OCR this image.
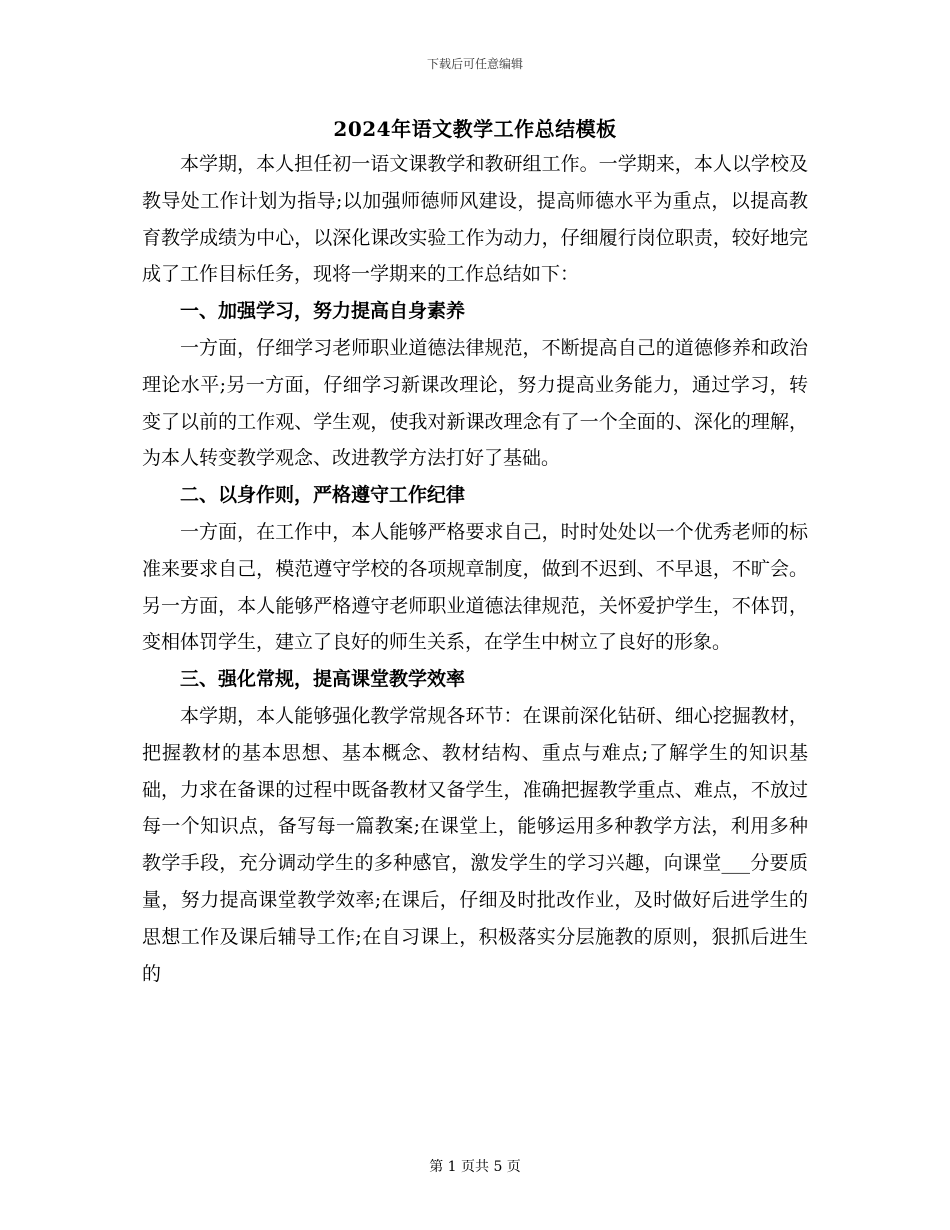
下载后可任意编辑
2024年语文教学工作总结模板

本学期，本人担任初一语文课教学和教研组工作。一学期来，本人以学校及教导处工作计划为指导;以加强师德师风建设，提高师德水平为重点，以提高教育教学成绩为中心，以深化课改实验工作为动力，仔细履行岗位职责，较好地完成了工作目标任务，现将一学期来的工作总结如下：

一、加强学习，努力提高自身素养

一方面，仔细学习老师职业道德法律规范，不断提高自己的道德修养和政治理论水平;另一方面，仔细学习新课改理论，努力提高业务能力，通过学习，转变了以前的工作观、学生观，使我对新课改理念有了一个全面的、深化的理解，为本人转变教学观念、改进教学方法打好了基础。

二、以身作则，严格遵守工作纪律

一方面，在工作中，本人能够严格要求自己，时时处处以一个优秀老师的标准来要求自己，模范遵守学校的各项规章制度，做到不迟到、不早退，不旷会。另一方面，本人能够严格遵守老师职业道德法律规范，关怀爱护学生，不体罚，变相体罚学生，建立了良好的师生关系，在学生中树立了良好的形象。

三、强化常规，提高课堂教学效率

本学期，本人能够强化教学常规各环节：在课前深化钻研、细心挖掘教材，把握教材的基本思想、基本概念、教材结构、重点与难点;了解学生的知识基础，力求在备课的过程中既备教材又备学生，准确把握教学重点、难点，不放过每一个知识点，备写每一篇教案;在课堂上，能够运用多种教学方法，利用多种教学手段，充分调动学生的多种感官，激发学生的学习兴趣，向课堂___分要质量，努力提高课堂教学效率;在课后，仔细及时批改作业，及时做好后进学生的思想工作及课后辅导工作;在自习课上，积极落实分层施教的原则，狠抓后进生的

第 1 页共 5 页
